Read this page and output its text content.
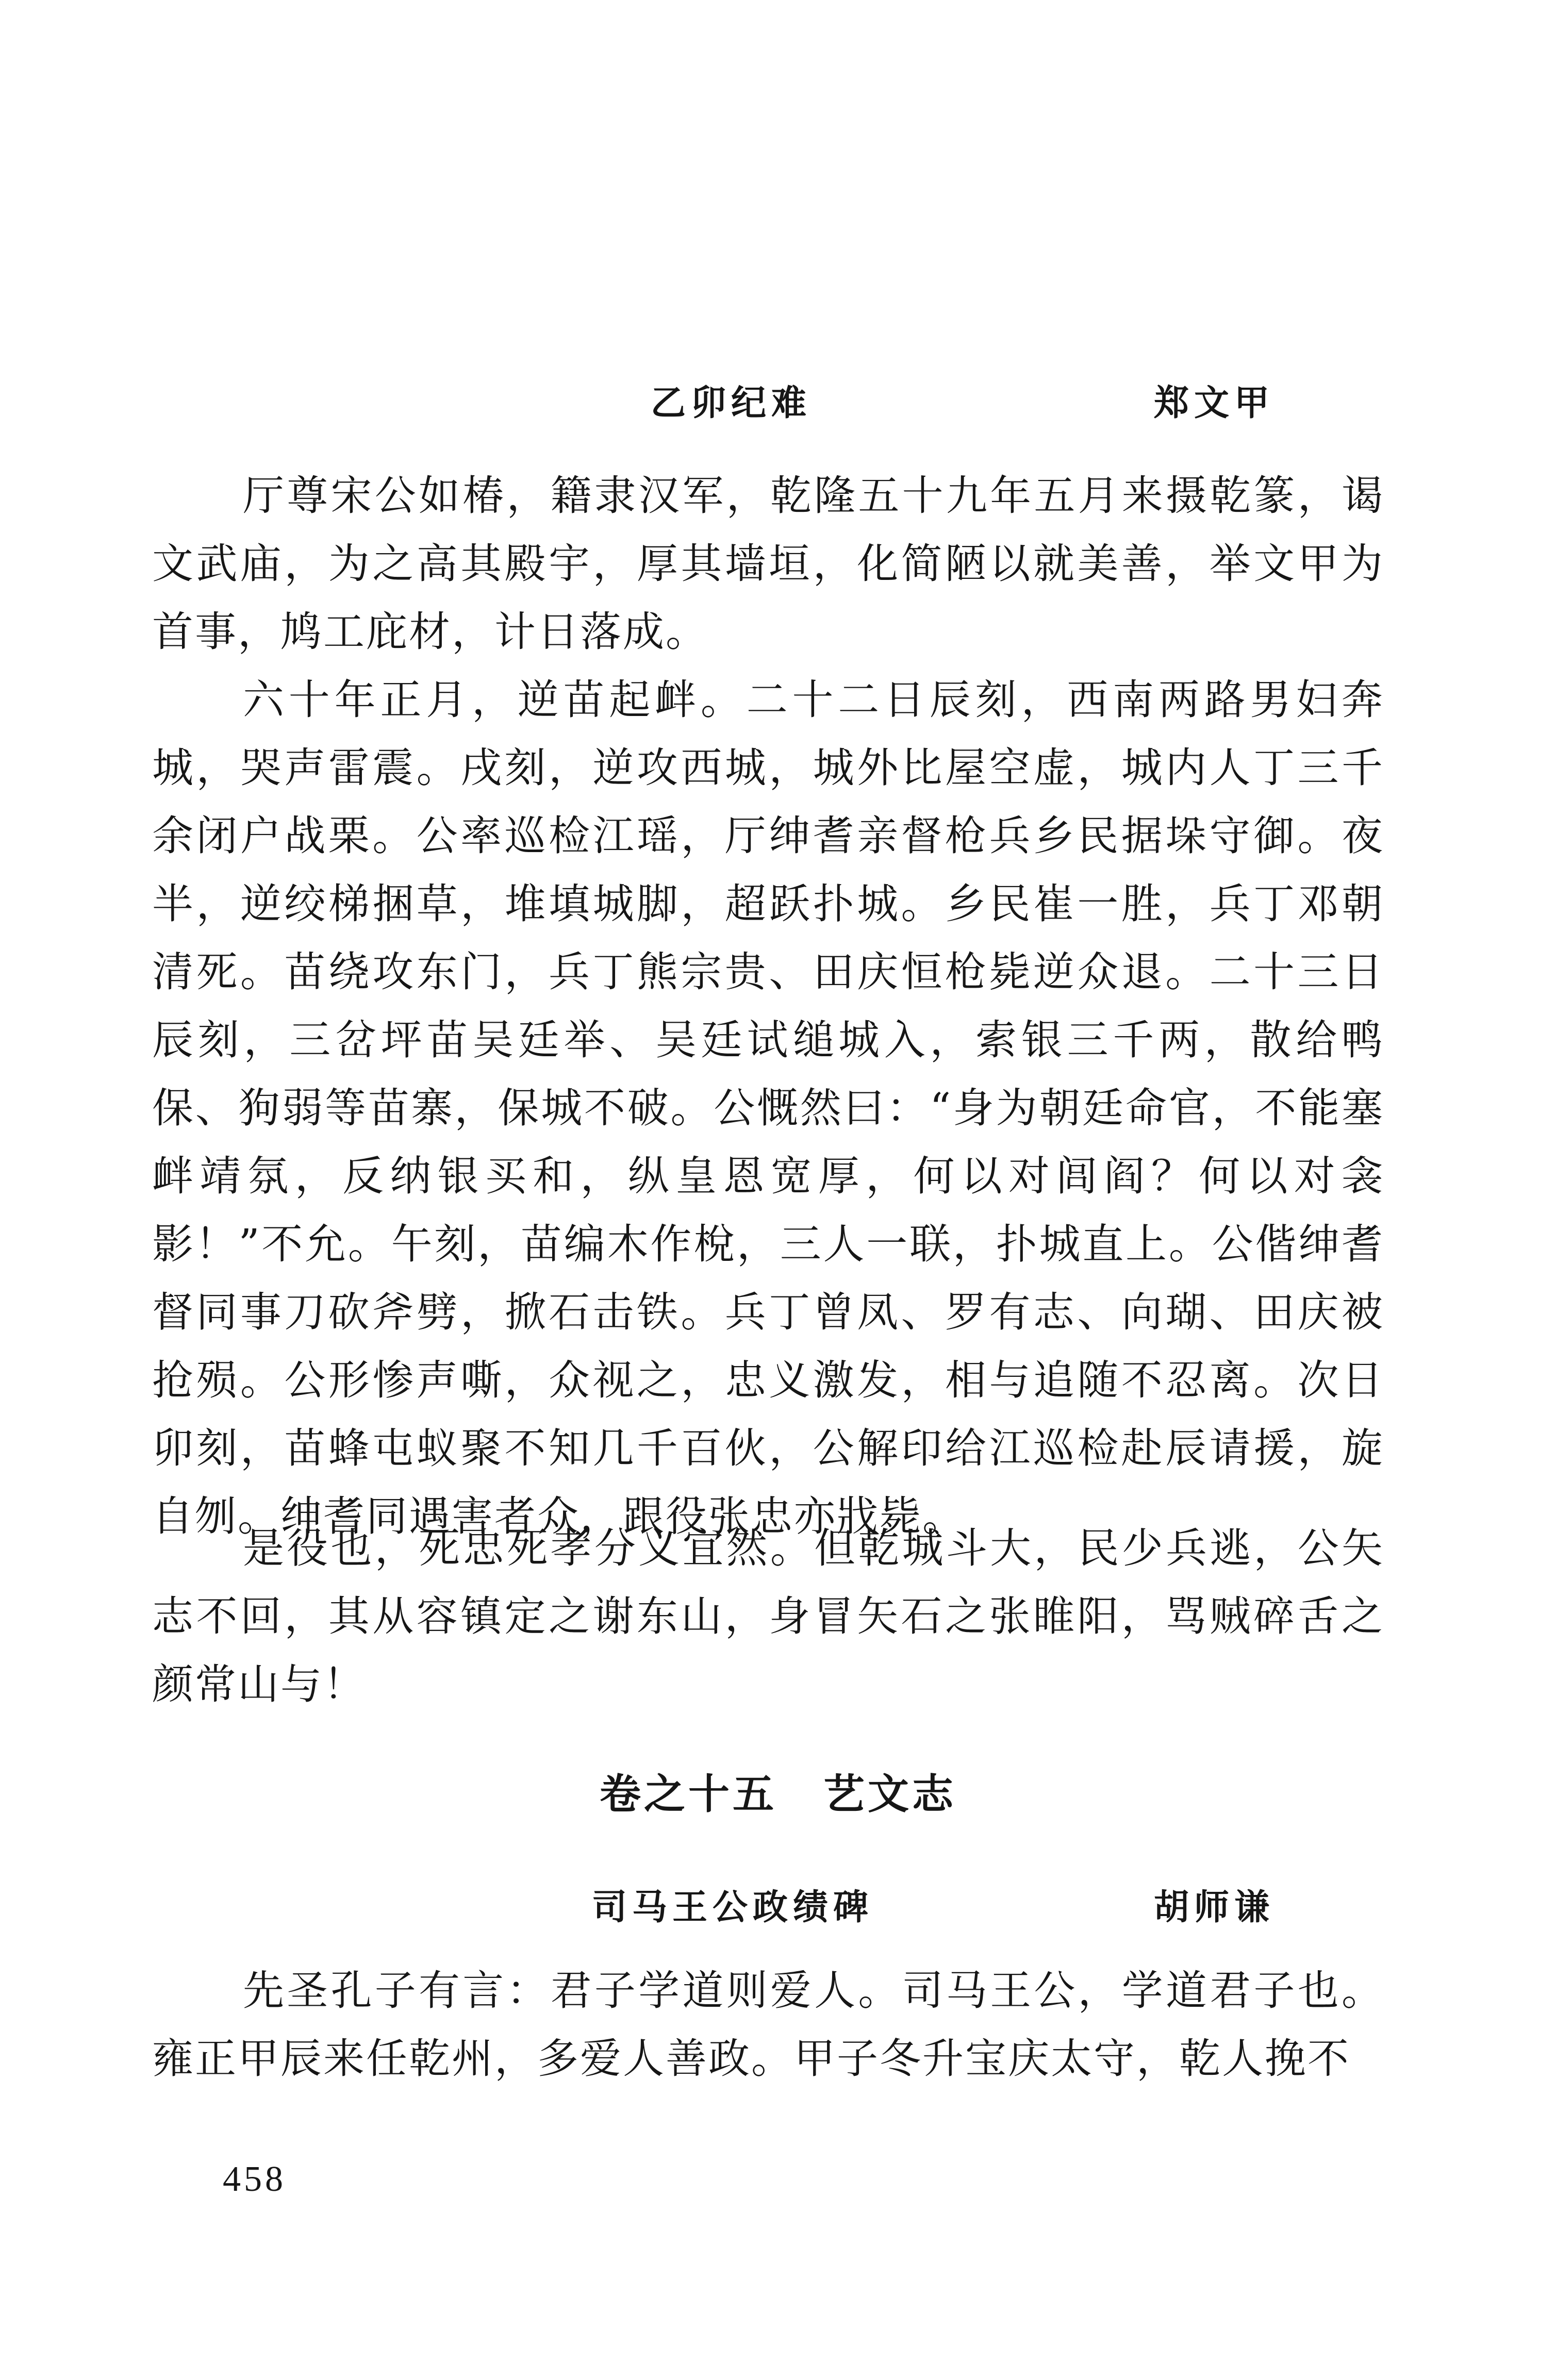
乙卯纪难	郑文甲

厅尊宋公如椿，籍隶汉军，乾隆五十九年五月来摄乾篆，谒文武庙，为之高其殿宇，厚其墙垣，化简陋以就美善，举文甲为首事，鸠工庇材，计日落成。

六十年正月，逆苗起衅。二十二日辰刻，西南两路男妇奔城，哭声雷震。戌刻，逆攻西城，城外比屋空虚，城内人丁三千余闭户战栗。公率巡检江瑶，厅绅耆亲督枪兵乡民据垛守御。夜半，逆绞梯捆草，堆填城脚，超跃扑城。乡民崔一胜，兵丁邓朝清死。苗绕攻东门，兵丁熊宗贵、田庆恒枪毙逆众退。二十三日辰刻，三岔坪苗吴廷举、吴廷试缒城入，索银三千两，散给鸭保、狗弱等苗寨，保城不破。公慨然曰：“身为朝廷命官，不能塞衅靖氛，反纳银买和，纵皇恩宽厚，何以对闾阎？何以对衾影！”不允。午刻，苗编木作梲，三人一联，扑城直上。公偕绅耆督同事刀砍斧劈，掀石击铁。兵丁曾凤、罗有志、向瑚、田庆被抢殒。公形惨声嘶，众视之，忠义激发，相与追随不忍离。次日卯刻，苗蜂屯蚁聚不知几千百伙，公解印给江巡检赴辰请援，旋自刎。绅耆同遇害者众，跟役张忠亦戕毙。

是役也，死忠死孝分义宜然。但乾城斗大，民少兵逃，公矢志不回，其从容镇定之谢东山，身冒矢石之张睢阳，骂贼碎舌之颜常山与！

卷之十五 艺文志
司马王公政绩碑	胡师谦

先圣孔子有言：君子学道则爱人。司马王公，学道君子也。雍正甲辰来任乾州，多爱人善政。甲子冬升宝庆太守，乾人挽不

458
